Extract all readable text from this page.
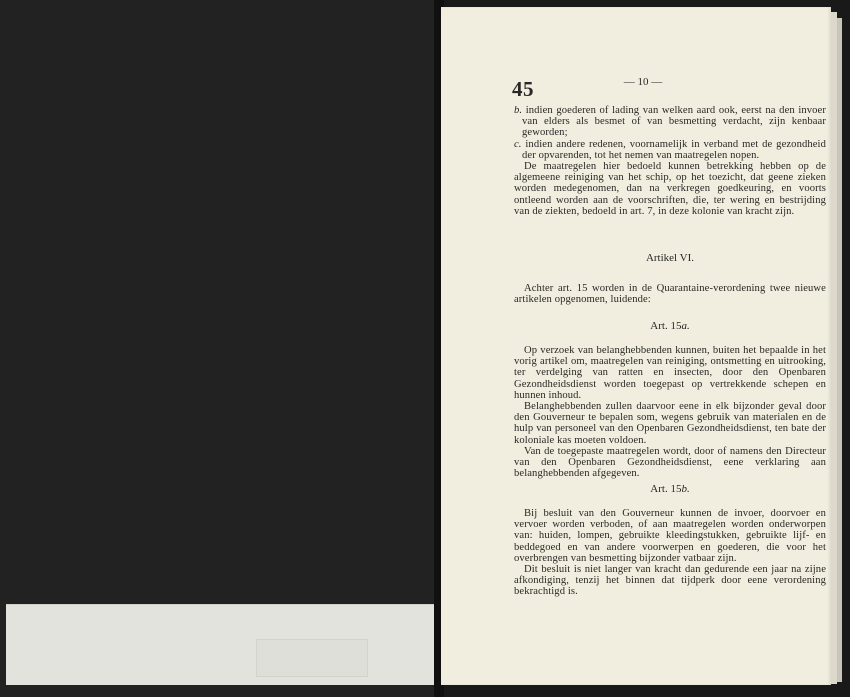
45	— 10 —
b. indien goederen of lading van welken aard ook, eerst na den invoer van elders als besmet of van besmetting verdacht, zijn kenbaar geworden;
c. indien andere redenen, voornamelijk in verband met de gezondheid der opvarenden, tot het nemen van maatregelen nopen.
De maatregelen hier bedoeld kunnen betrekking hebben op de algemeene reiniging van het schip, op het toezicht, dat geene zieken worden medegenomen, dan na verkregen goedkeuring, en voorts ontleend worden aan de voorschriften, die, ter wering en bestrijding van de ziekten, bedoeld in art. 7, in deze kolonie van kracht zijn.
Artikel VI.
Achter art. 15 worden in de Quarantaine-verordening twee nieuwe artikelen opgenomen, luidende:
Art. 15a.
Op verzoek van belanghebbenden kunnen, buiten het bepaalde in het vorig artikel om, maatregelen van reiniging, ontsmetting en uitrooking, ter verdelging van ratten en insecten, door den Openbaren Gezondheidsdienst worden toegepast op vertrekkende schepen en hunnen inhoud.
Belanghebbenden zullen daarvoor eene in elk bijzonder geval door den Gouverneur te bepalen som, wegens gebruik van materialen en de hulp van personeel van den Openbaren Gezondheidsdienst, ten bate der koloniale kas moeten voldoen.
Van de toegepaste maatregelen wordt, door of namens den Directeur van den Openbaren Gezondheidsdienst, eene verklaring aan belanghebbenden afgegeven.
Art. 15b.
Bij besluit van den Gouverneur kunnen de invoer, doorvoer en vervoer worden verboden, of aan maatregelen worden onderworpen van: huiden, lompen, gebruikte kleedingstukken, gebruikte lijf- en beddegoed en van andere voorwerpen en goederen, die voor het overbrengen van besmetting bijzonder vatbaar zijn.
Dit besluit is niet langer van kracht dan gedurende een jaar na zijne afkondiging, tenzij het binnen dat tijdperk door eene verordening bekrachtigd is.
